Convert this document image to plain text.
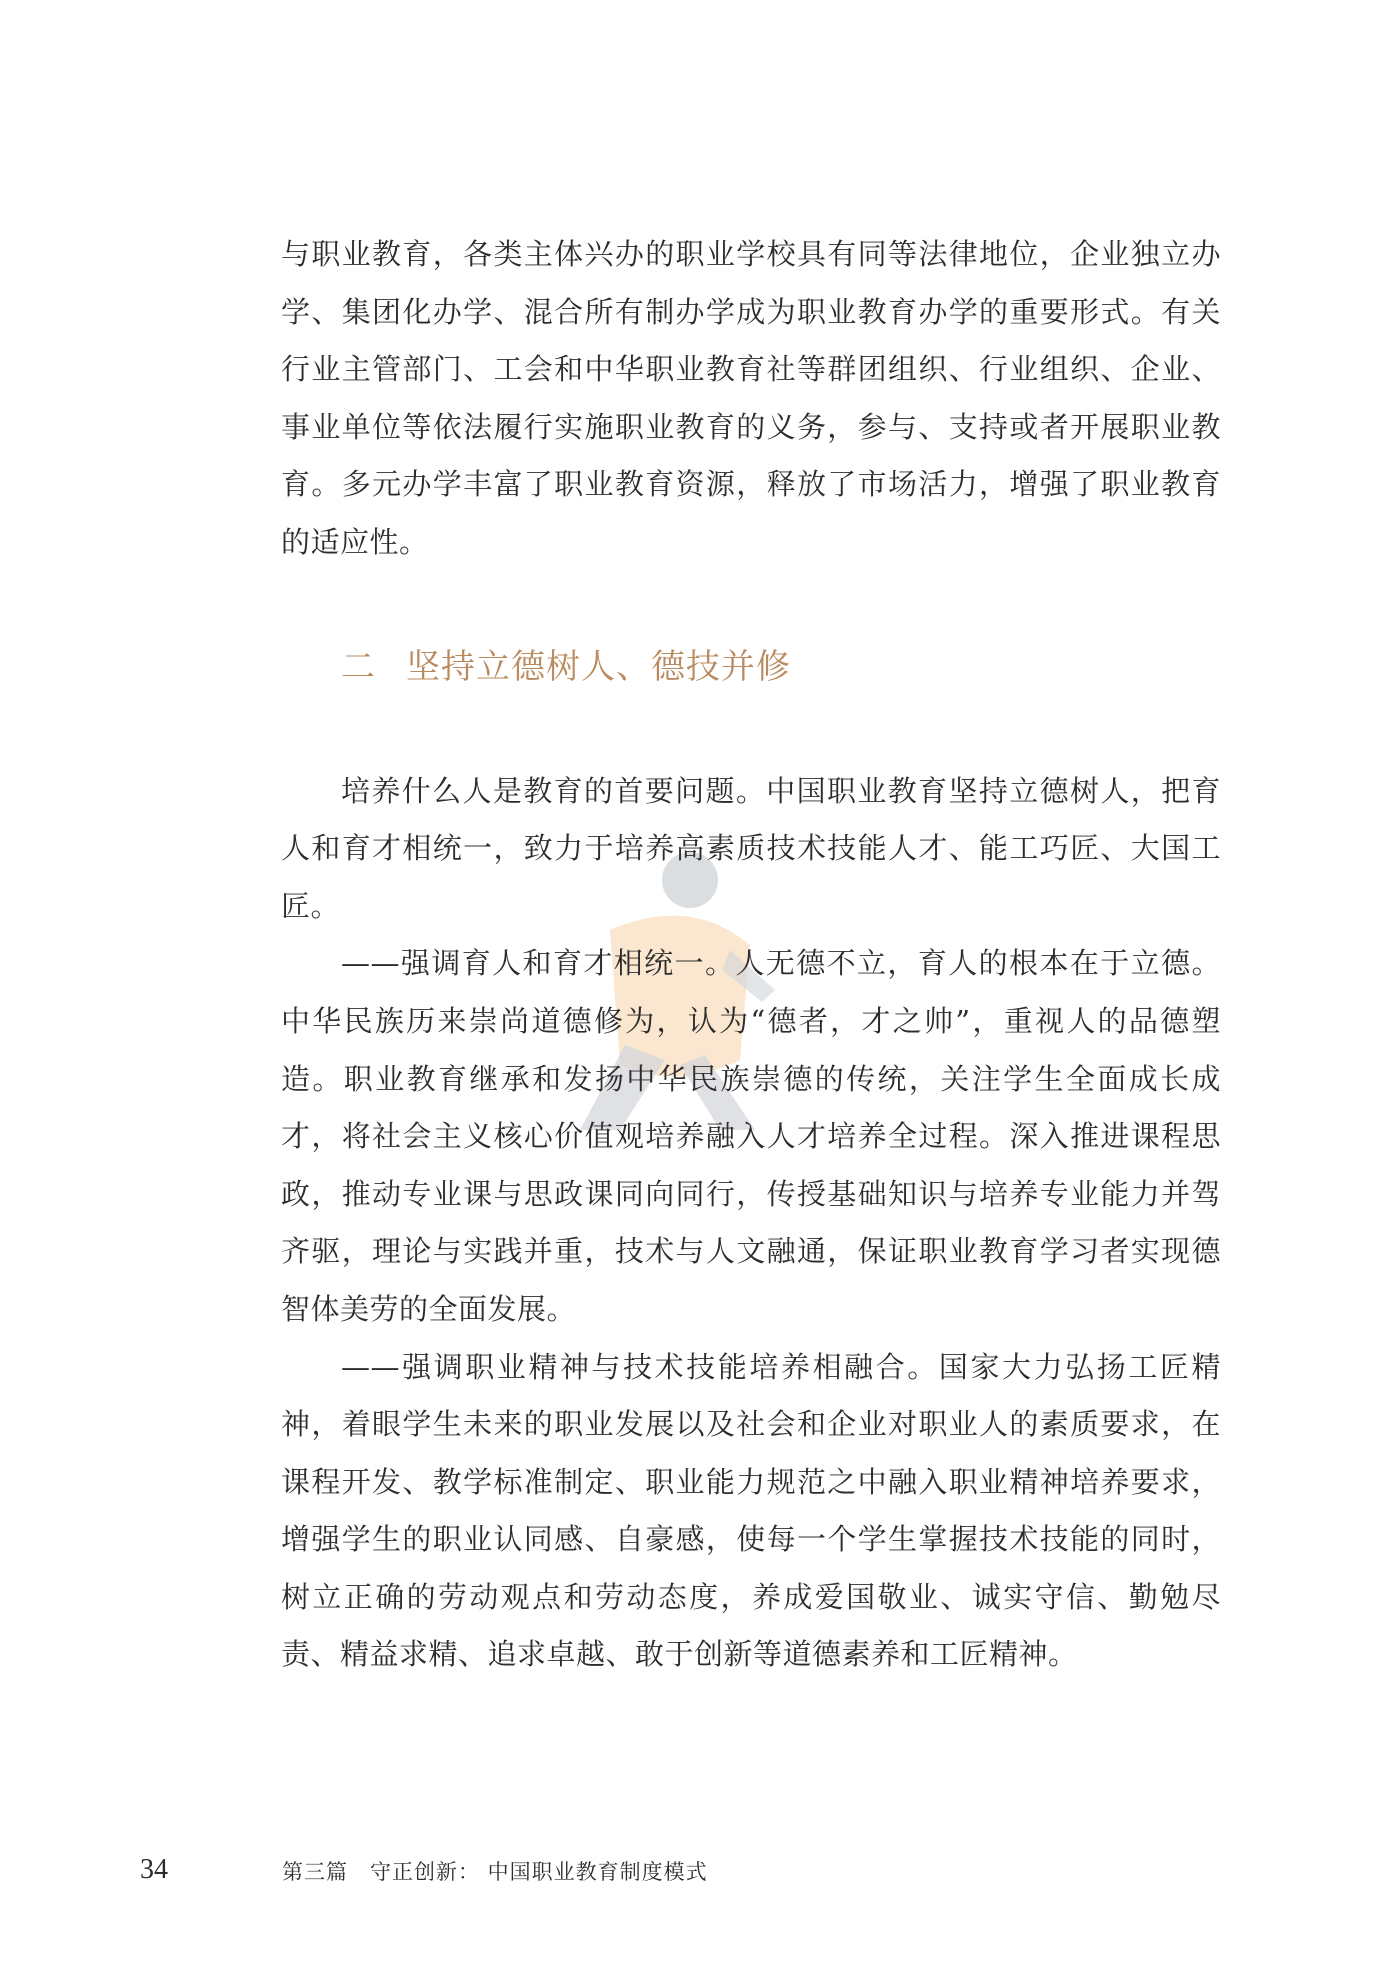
与职业教育，各类主体兴办的职业学校具有同等法律地位，企业独立办学、集团化办学、混合所有制办学成为职业教育办学的重要形式。有关行业主管部门、工会和中华职业教育社等群团组织、行业组织、企业、事业单位等依法履行实施职业教育的义务，参与、支持或者开展职业教育。多元办学丰富了职业教育资源，释放了市场活力，增强了职业教育的适应性。

二 坚持立德树人、德技并修

培养什么人是教育的首要问题。中国职业教育坚持立德树人，把育人和育才相统一，致力于培养高素质技术技能人才、能工巧匠、大国工匠。

——强调育人和育才相统一。人无德不立，育人的根本在于立德。中华民族历来崇尚道德修为，认为“德者，才之帅”，重视人的品德塑造。职业教育继承和发扬中华民族崇德的传统，关注学生全面成长成才，将社会主义核心价值观培养融入人才培养全过程。深入推进课程思政，推动专业课与思政课同向同行，传授基础知识与培养专业能力并驾齐驱，理论与实践并重，技术与人文融通，保证职业教育学习者实现德智体美劳的全面发展。

——强调职业精神与技术技能培养相融合。国家大力弘扬工匠精神，着眼学生未来的职业发展以及社会和企业对职业人的素质要求，在课程开发、教学标准制定、职业能力规范之中融入职业精神培养要求，增强学生的职业认同感、自豪感，使每一个学生掌握技术技能的同时，树立正确的劳动观点和劳动态度，养成爱国敬业、诚实守信、勤勉尽责、精益求精、追求卓越、敢于创新等道德素养和工匠精神。

34	第三篇　守正创新： 中国职业教育制度模式
